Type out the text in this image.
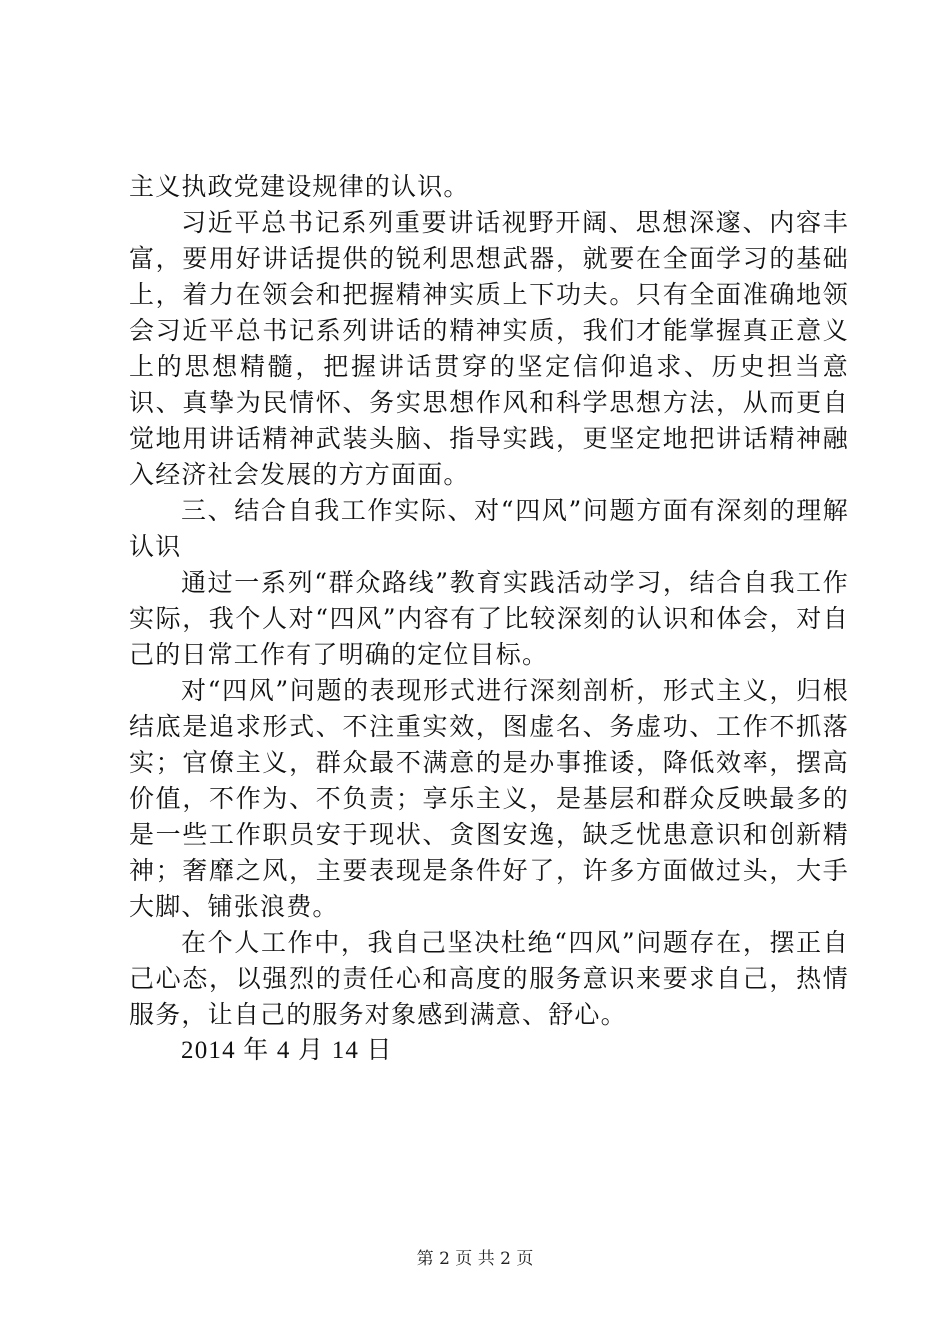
主义执政党建设规律的认识。

习近平总书记系列重要讲话视野开阔、思想深邃、内容丰富，要用好讲话提供的锐利思想武器，就要在全面学习的基础上，着力在领会和把握精神实质上下功夫。只有全面准确地领会习近平总书记系列讲话的精神实质，我们才能掌握真正意义上的思想精髓，把握讲话贯穿的坚定信仰追求、历史担当意识、真挚为民情怀、务实思想作风和科学思想方法，从而更自觉地用讲话精神武装头脑、指导实践，更坚定地把讲话精神融入经济社会发展的方方面面。

三、结合自我工作实际、对“四风”问题方面有深刻的理解认识

通过一系列“群众路线”教育实践活动学习，结合自我工作实际，我个人对“四风”内容有了比较深刻的认识和体会，对自己的日常工作有了明确的定位目标。

对“四风”问题的表现形式进行深刻剖析，形式主义，归根结底是追求形式、不注重实效，图虚名、务虚功、工作不抓落实；官僚主义，群众最不满意的是办事推诿，降低效率，摆高价值，不作为、不负责；享乐主义，是基层和群众反映最多的是一些工作职员安于现状、贪图安逸，缺乏忧患意识和创新精神；奢靡之风，主要表现是条件好了，许多方面做过头，大手大脚、铺张浪费。

在个人工作中，我自己坚决杜绝“四风”问题存在，摆正自己心态，以强烈的责任心和高度的服务意识来要求自己，热情服务，让自己的服务对象感到满意、舒心。

2014 年 4 月 14 日

第 2 页 共 2 页
